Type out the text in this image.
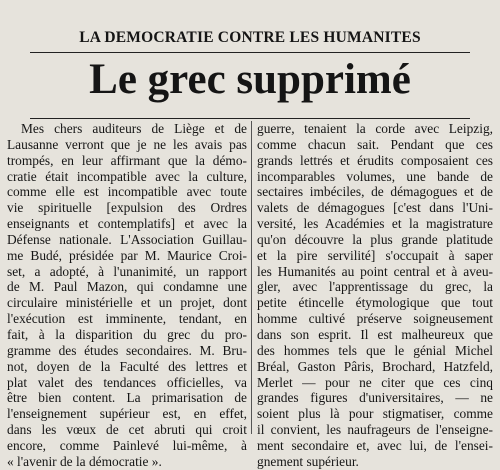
LA DEMOCRATIE CONTRE LES HUMANITES
Le grec supprimé
Mes chers auditeurs de Liège et de
Lausanne verront que je ne les avais pas
trompés, en leur affirmant que la démo-
cratie était incompatible avec la culture,
comme elle est incompatible avec toute
vie spirituelle [expulsion des Ordres
enseignants et contemplatifs] et avec la
Défense nationale. L'Association Guillau-
me Budé, présidée par M. Maurice Croi-
set, a adopté, à l'unanimité, un rapport
de M. Paul Mazon, qui condamne une
circulaire ministérielle et un projet, dont
l'exécution est imminente, tendant, en
fait, à la disparition du grec du pro-
gramme des études secondaires. M. Bru-
not, doyen de la Faculté des lettres et
plat valet des tendances officielles, va
être bien content. La primarisation de
l'enseignement supérieur est, en effet,
dans les vœux de cet abruti qui croit
encore, comme Painlevé lui-même, à
« l'avenir de la démocratie ».
guerre, tenaient la corde avec Leipzig,
comme chacun sait. Pendant que ces
grands lettrés et érudits composaient ces
incomparables volumes, une bande de
sectaires imbéciles, de démagogues et de
valets de démagogues [c'est dans l'Uni-
versité, les Académies et la magistrature
qu'on découvre la plus grande platitude
et la pire servilité] s'occupait à saper
les Humanités au point central et à aveu-
gler, avec l'apprentissage du grec, la
petite étincelle étymologique que tout
homme cultivé préserve soigneusement
dans son esprit. Il est malheureux que
des hommes tels que le génial Michel
Bréal, Gaston Pâris, Brochard, Hatzfeld,
Merlet — pour ne citer que ces cinq
grandes figures d'universitaires, — ne
soient plus là pour stigmatiser, comme
il convient, les naufrageurs de l'enseigne-
ment secondaire et, avec lui, de l'ensei-
gnement supérieur.
